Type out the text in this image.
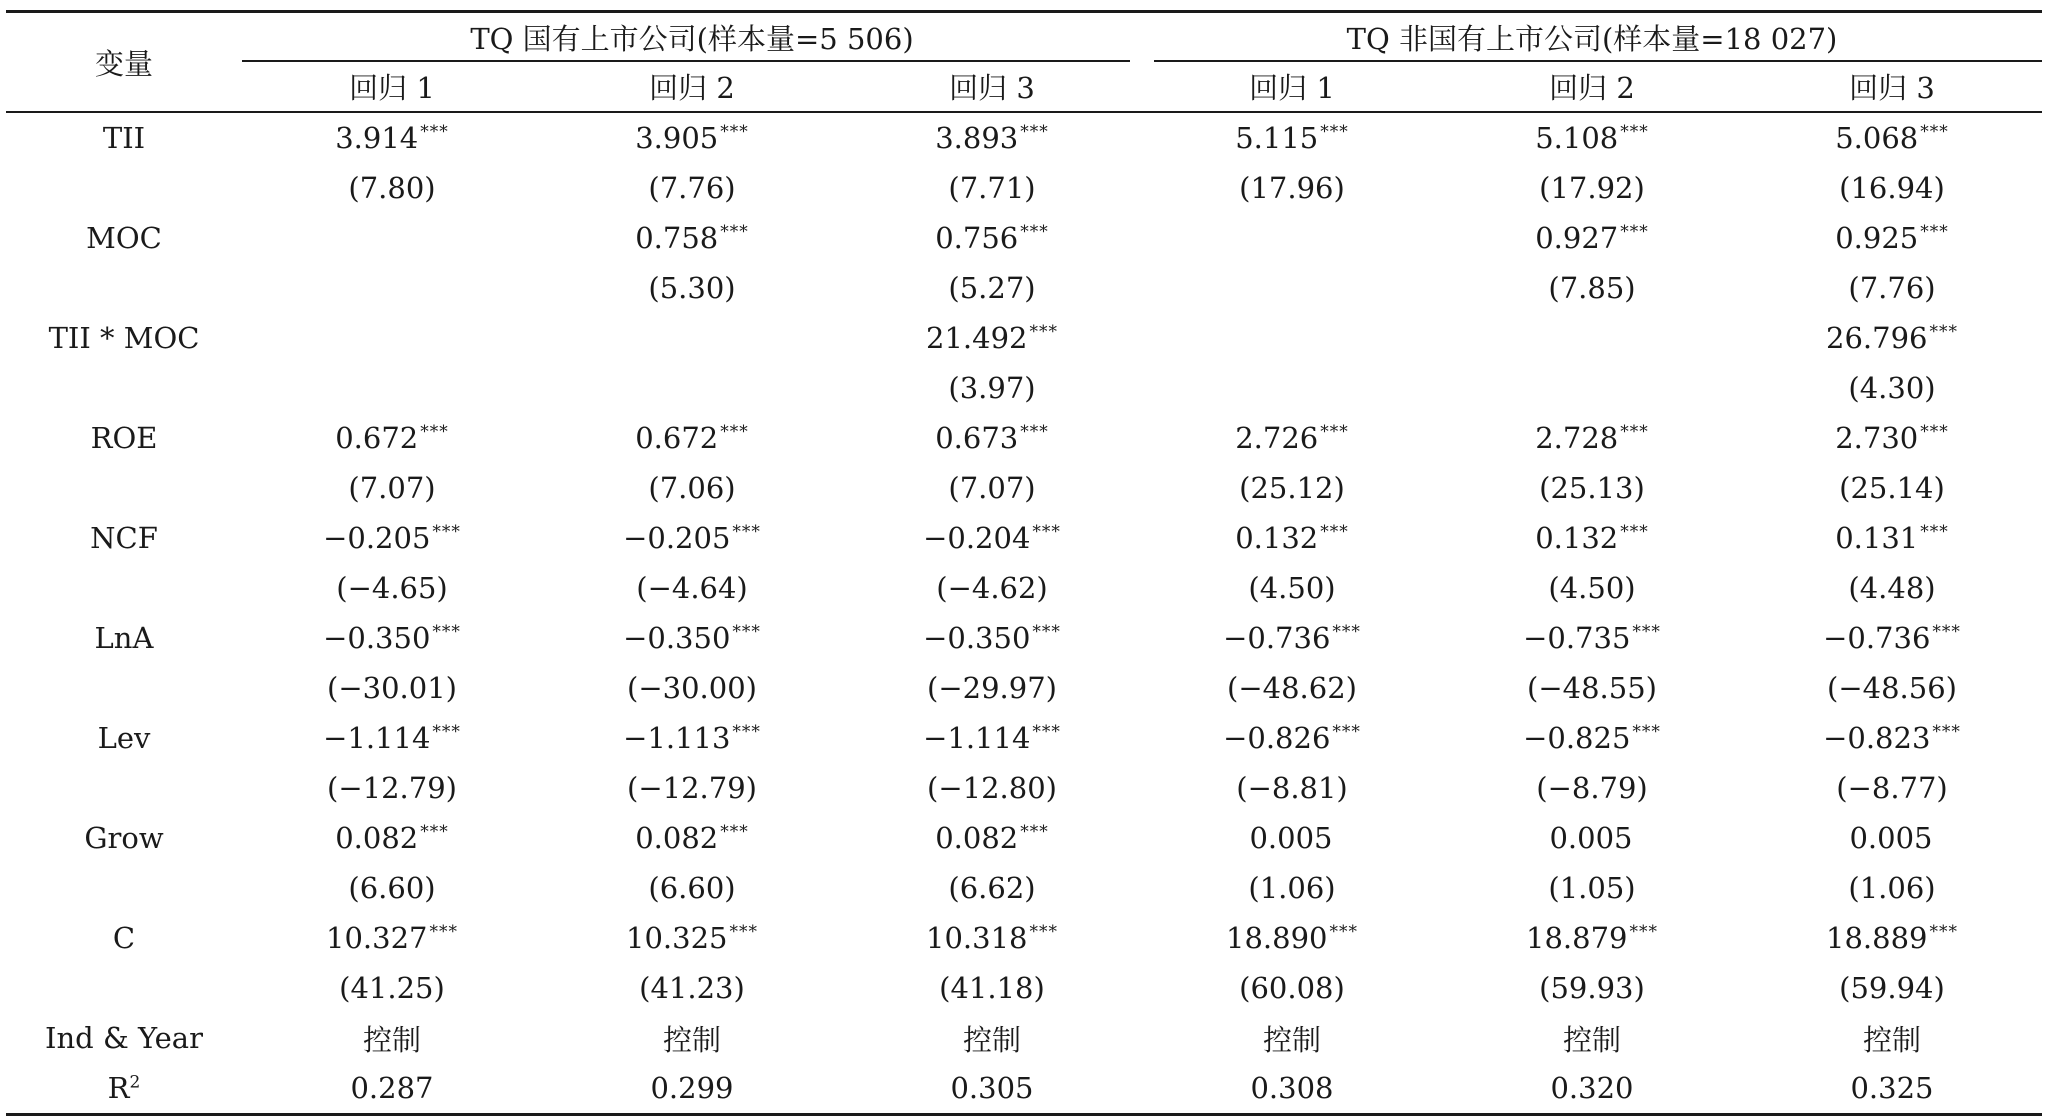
变量	TQ 国有上市公司(样本量=5 506)			TQ 非国有上市公司(样本量=18 027)		
	回归 1	回归 2	回归 3	回归 1	回归 2	回归 3
TII	3.914 ***	3.905 ***	3.893 ***	5.115 ***	5.108 ***	5.068 ***
	(7.80)	(7.76)	(7.71)	(17.96)	(17.92)	(16.94)
MOC		0.758 ***	0.756 ***		0.927 ***	0.925 ***
		(5.30)	(5.27)		(7.85)	(7.76)
TII * MOC			21.492 ***			26.796 ***
			(3.97)			(4.30)
ROE	0.672 ***	0.672 ***	0.673 ***	2.726 ***	2.728 ***	2.730 ***
	(7.07)	(7.06)	(7.07)	(25.12)	(25.13)	(25.14)
NCF	−0.205 ***	−0.205 ***	−0.204 ***	0.132 ***	0.132 ***	0.131 ***
	(−4.65)	(−4.64)	(−4.62)	(4.50)	(4.50)	(4.48)
LnA	−0.350 ***	−0.350 ***	−0.350 ***	−0.736 ***	−0.735 ***	−0.736 ***
	(−30.01)	(−30.00)	(−29.97)	(−48.62)	(−48.55)	(−48.56)
Lev	−1.114 ***	−1.113 ***	−1.114 ***	−0.826 ***	−0.825 ***	−0.823 ***
	(−12.79)	(−12.79)	(−12.80)	(−8.81)	(−8.79)	(−8.77)
Grow	0.082 ***	0.082 ***	0.082 ***	0.005	0.005	0.005
	(6.60)	(6.60)	(6.62)	(1.06)	(1.05)	(1.06)
C	10.327 ***	10.325 ***	10.318 ***	18.890 ***	18.879 ***	18.889 ***
	(41.25)	(41.23)	(41.18)	(60.08)	(59.93)	(59.94)
Ind & Year	控制	控制	控制	控制	控制	控制
$R^2$	0.287	0.299	0.305	0.308	0.320	0.325
